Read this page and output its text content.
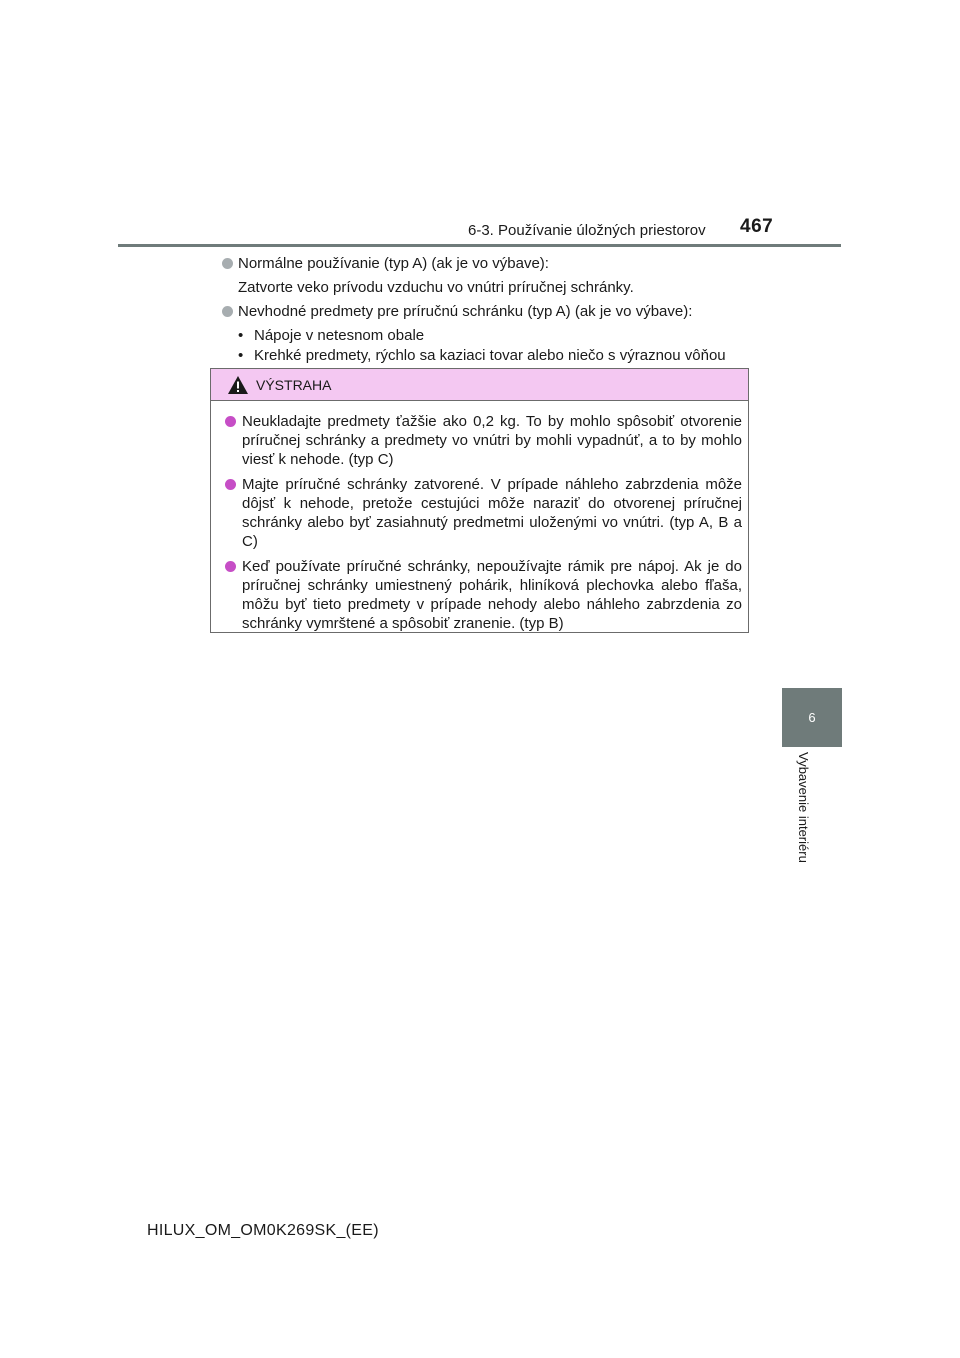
6-3. Používanie úložných priestorov 467
6
Vybavenie interiéru
Normálne používanie (typ A) (ak je vo výbave):
Zatvorte veko prívodu vzduchu vo vnútri príručnej schránky.
Nevhodné predmety pre príručnú schránku (typ A) (ak je vo výbave):
• Nápoje v netesnom obale
• Krehké predmety, rýchlo sa kaziaci tovar alebo niečo s výraznou vôňou
VÝSTRAHA
Neukladajte predmety ťažšie ako 0,2 kg. To by mohlo spôsobiť otvorenie príručnej schránky a predmety vo vnútri by mohli vypadnúť, a to by mohlo viesť k nehode. (typ C)
Majte príručné schránky zatvorené. V prípade náhleho zabrzdenia môže dôjsť k nehode, pretože cestujúci môže naraziť do otvorenej príručnej schránky alebo byť zasiahnutý predmetmi uloženými vo vnútri. (typ A, B a C)
Keď používate príručné schránky, nepoužívajte rámik pre nápoj. Ak je do príručnej schránky umiestnený pohárik, hliníková plechovka alebo fľaša, môžu byť tieto predmety v prípade nehody alebo náhleho zabrzdenia zo schránky vymrštené a spôsobiť zranenie. (typ B)
HILUX_OM_OM0K269SK_(EE)
